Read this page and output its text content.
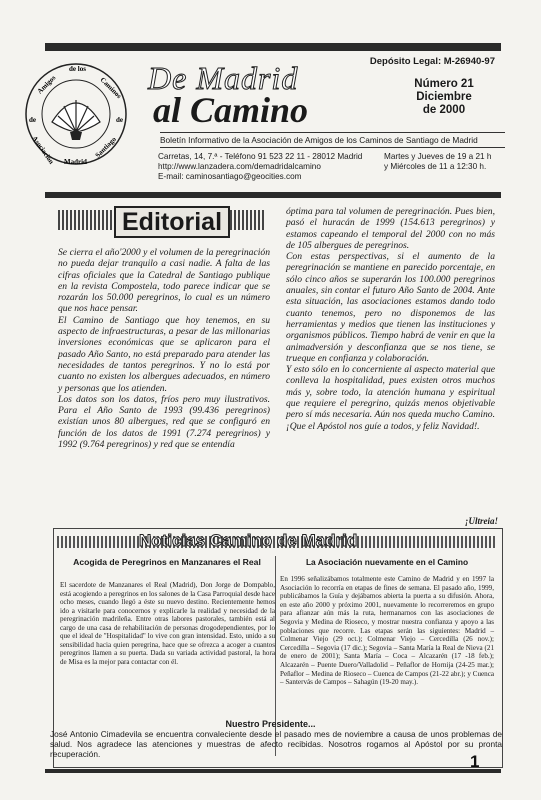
Depósito Legal: M-26940-97
Amigos
de los
Caminos
de	de
Asociación	Santiago
Madrid
De Madrid
al Camino
Número 21
Diciembre
de 2000
Boletín Informativo de la Asociación de Amigos de los Caminos de Santiago de Madrid
Carretas, 14, 7.ª - Teléfono 91 523 22 11 - 28012 Madrid
http://www.lanzadera.com/demadridalcamino
E-mail: caminosantiago@geocities.com
Martes y Jueves de 19 a 21 h
y Miércoles de 11 a 12:30 h.
Editorial

Se cierra el año'2000 y el volumen de la peregrinación no pueda dejar tranquilo a casi nadie. A falta de las cifras oficiales que la Catedral de Santiago publique en la revista Compostela, todo parece indicar que se rozarán los 50.000 peregrinos, lo cual es un número que nos hace pensar.

El Camino de Santiago que hoy tenemos, en su aspecto de infraestructuras, a pesar de las millonarias inversiones económicas que se aplicaron para el pasado Año Santo, no está preparado para atender las necesidades de tantos peregrinos. Y no lo está por cuanto no existen los albergues adecuados, en número y personas que los atienden.

Los datos son los datos, fríos pero muy ilustrativos. Para el Año Santo de 1993 (99.436 peregrinos) existían unos 80 albergues, red que se configuró en función de los datos de 1991 (7.274 peregrinos) y 1992 (9.764 peregrinos) y red que se entendía

óptima para tal volumen de peregrinación. Pues bien, pasó el huracán de 1999 (154.613 peregrinos) y estamos capeando el temporal del 2000 con no más de 105 albergues de peregrinos.

Con estas perspectivas, si el aumento de la peregrinación se mantiene en parecido porcentaje, en sólo cinco años se superarán los 100.000 peregrinos anuales, sin contar el futuro Año Santo de 2004. Ante esta situación, las asociaciones estamos dando todo cuanto tenemos, pero no disponemos de las herramientas y medios que tienen las instituciones y organismos públicos. Tiempo habrá de venir en que la animadversión y desconfianza que se nos tiene, se trueque en confianza y colaboración.

Y esto sólo en lo concerniente al aspecto material que conlleva la hospitalidad, pues existen otros muchos más y, sobre todo, la atención humana y espiritual que requiere el peregrino, quizás menos objetivable pero sí más necesaria. Aún nos queda mucho Camino. ¡Que el Apóstol nos guíe a todos, y feliz Navidad!.

¡Ultreia!
Noticias Camino de Madrid
Acogida de Peregrinos en Manzanares el Real
El sacerdote de Manzanares el Real (Madrid), Don Jorge de Dompablo, está acogiendo a peregrinos en los salones de la Casa Parroquial desde hace ocho meses, cuando llegó a éste su nuevo destino. Recientemente hemos ido a visitarle para conocernos y explicarle la realidad y necesidad de la peregrinación madrileña. Entre otras labores pastorales, también está al cargo de una casa de rehabilitación de personas drogodependientes, por lo que el ideal de "Hospitalidad" lo vive con gran intensidad. Esto, unido a su sensibilidad hacia quien peregrina, hace que se ofrezca a acoger a cuantos peregrinos llamen a su puerta. Dada su variada actividad pastoral, la hora de Misa es la mejor para contactar con él.
La Asociación nuevamente en el Camino
En 1996 señalizábamos totalmente este Camino de Madrid y en 1997 la Asociación lo recorría en etapas de fines de semana. El pasado año, 1999, publicábamos la Guía y dejábamos abierta la puerta a su difusión. Ahora, en este año 2000 y próximo 2001, nuevamente lo recorreremos en grupo para afianzar aún más la ruta, hermanarnos con las asociaciones de Segovia y Medina de Rioseco, y mostrar nuestra confianza y apoyo a las poblaciones que recorre. Las etapas serán las siguientes: Madrid – Colmenar Viejo (29 oct.); Colmenar Viejo – Cercedilla (26 nov.); Cercedilla – Segovia (17 dic.); Segovia – Santa María la Real de Nieva (21 de enero de 2001); Santa María – Coca – Alcazarén (17 -18 feb.); Alcazarén – Puente Duero/Valladolid – Peñaflor de Hornija (24-25 mar.); Peñaflor – Medina de Rioseco – Cuenca de Campos (21-22 abr.); y Cuenca – Santervás de Campos – Sahagún (19-20 may.).
Nuestro Presidente...
José Antonio Cimadevila se encuentra convaleciente desde el pasado mes de noviembre a causa de unos problemas de salud. Nos agradece las atenciones y muestras de afecto recibidas. Nosotros rogamos al Apóstol por su pronta recuperación.	1
